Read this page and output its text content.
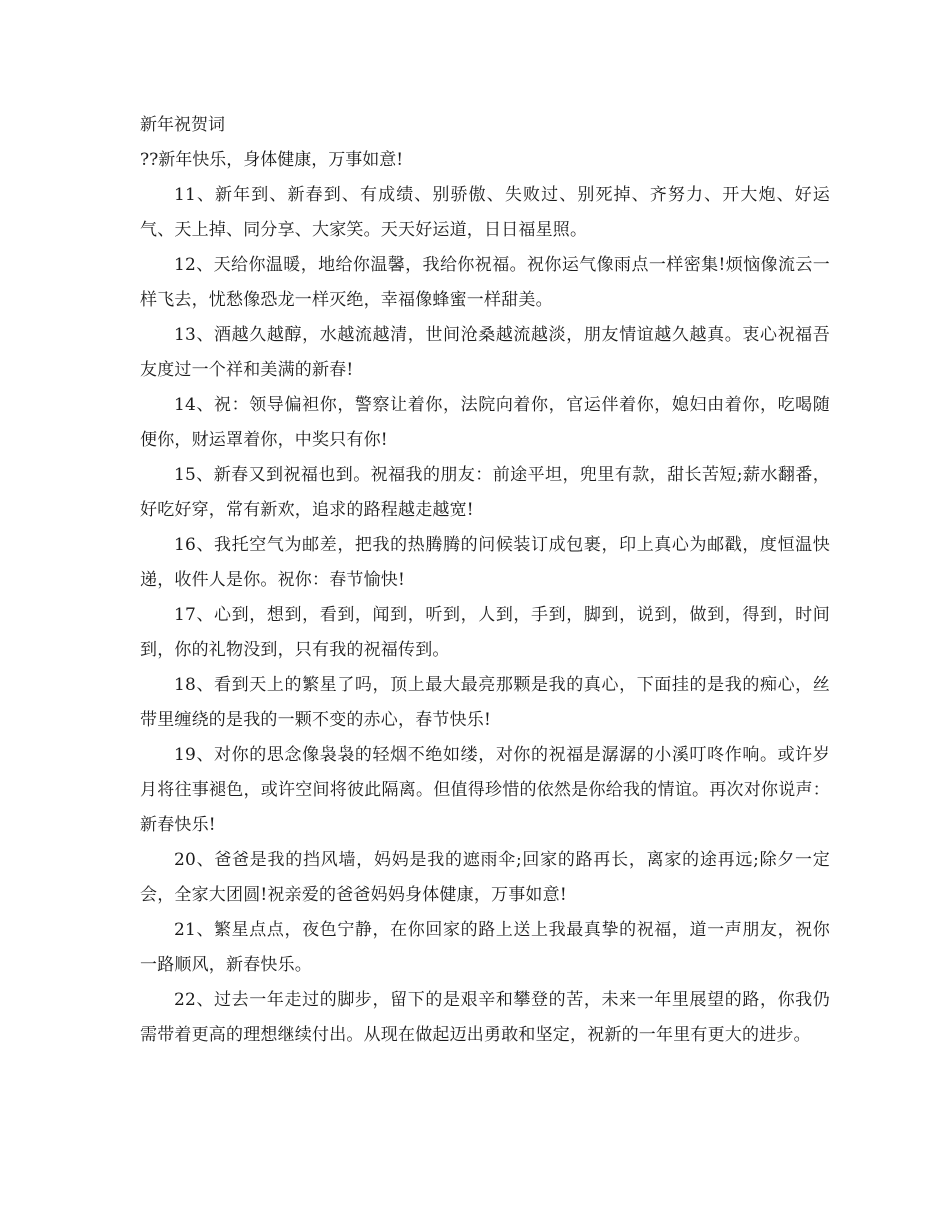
新年祝贺词

??新年快乐，身体健康，万事如意!

11、新年到、新春到、有成绩、别骄傲、失败过、别死掉、齐努力、开大炮、好运气、天上掉、同分享、大家笑。天天好运道，日日福星照。

12、天给你温暖，地给你温馨，我给你祝福。祝你运气像雨点一样密集!烦恼像流云一样飞去，忧愁像恐龙一样灭绝，幸福像蜂蜜一样甜美。

13、酒越久越醇，水越流越清，世间沧桑越流越淡，朋友情谊越久越真。衷心祝福吾友度过一个祥和美满的新春!

14、祝：领导偏袒你，警察让着你，法院向着你，官运伴着你，媳妇由着你，吃喝随便你，财运罩着你，中奖只有你!

15、新春又到祝福也到。祝福我的朋友：前途平坦，兜里有款，甜长苦短;薪水翻番，好吃好穿，常有新欢，追求的路程越走越宽!

16、我托空气为邮差，把我的热腾腾的问候装订成包裹，印上真心为邮戳，度恒温快递，收件人是你。祝你：春节愉快!

17、心到，想到，看到，闻到，听到，人到，手到，脚到，说到，做到，得到，时间到，你的礼物没到，只有我的祝福传到。

18、看到天上的繁星了吗，顶上最大最亮那颗是我的真心，下面挂的是我的痴心，丝带里缠绕的是我的一颗不变的赤心，春节快乐!

19、对你的思念像袅袅的轻烟不绝如缕，对你的祝福是潺潺的小溪叮咚作响。或许岁月将往事褪色，或许空间将彼此隔离。但值得珍惜的依然是你给我的情谊。再次对你说声：新春快乐!

20、爸爸是我的挡风墙，妈妈是我的遮雨伞;回家的路再长，离家的途再远;除夕一定会，全家大团圆!祝亲爱的爸爸妈妈身体健康，万事如意!

21、繁星点点，夜色宁静，在你回家的路上送上我最真挚的祝福，道一声朋友，祝你一路顺风，新春快乐。

22、过去一年走过的脚步，留下的是艰辛和攀登的苦，未来一年里展望的路，你我仍需带着更高的理想继续付出。从现在做起迈出勇敢和坚定，祝新的一年里有更大的进步。
